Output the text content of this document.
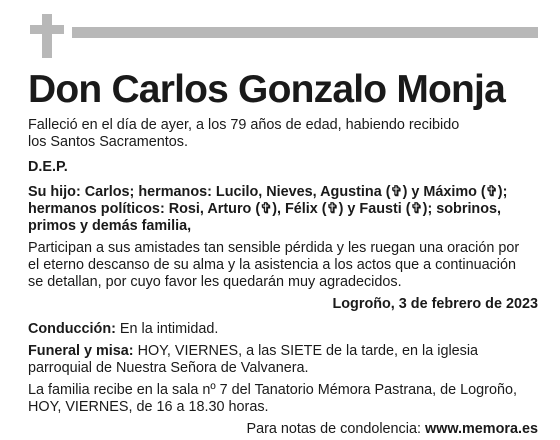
Don Carlos Gonzalo Monja
Falleció en el día de ayer, a los 79 años de edad, habiendo recibido
los Santos Sacramentos.
D.E.P.
Su hijo: Carlos; hermanos: Lucilo, Nieves, Agustina (✞) y Máximo (✞);
hermanos políticos: Rosi, Arturo (✞), Félix (✞) y Fausti (✞); sobrinos,
primos y demás familia,
Participan a sus amistades tan sensible pérdida y les ruegan una oración por
el eterno descanso de su alma y la asistencia a los actos que a continuación
se detallan, por cuyo favor les quedarán muy agradecidos.
Logroño, 3 de febrero de 2023
Conducción: En la intimidad.
Funeral y misa: HOY, VIERNES, a las SIETE de la tarde, en la iglesia
parroquial de Nuestra Señora de Valvanera.
La familia recibe en la sala nº 7 del Tanatorio Mémora Pastrana, de Logroño,
HOY, VIERNES, de 16 a 18.30 horas.
Para notas de condolencia: www.memora.es
